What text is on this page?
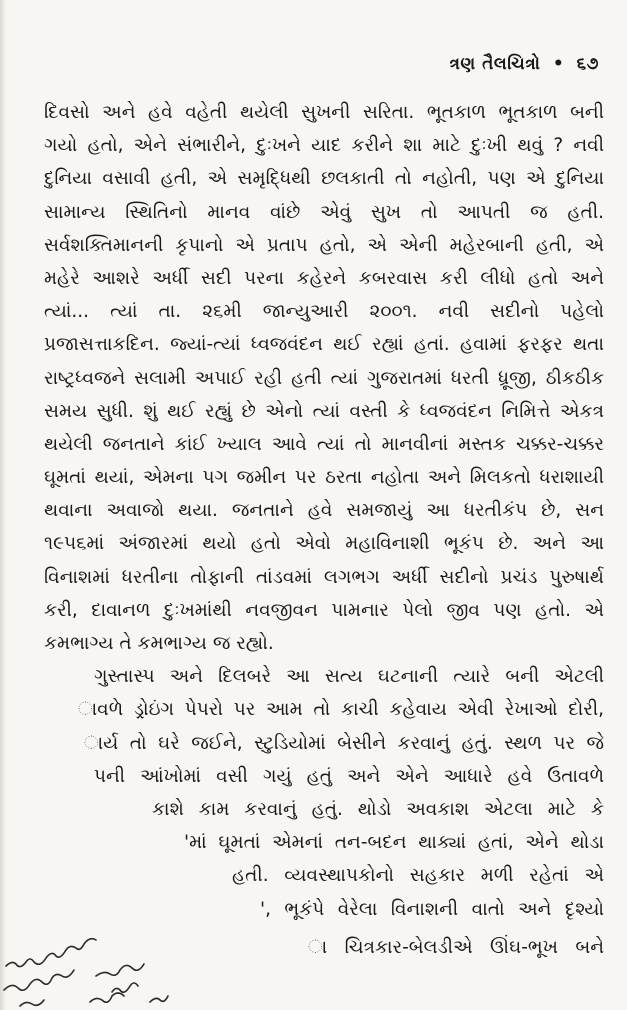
ત્રણ તૈલચિત્રો • ૬૭
દિવસો અને હવે વહેતી થયેલી સુખની સરિતા. ભૂતકાળ ભૂતકાળ બની
ગયો હતો, એને સંભારીને, દુઃખને યાદ કરીને શા માટે દુઃખી થવું ? નવી
દુનિયા વસાવી હતી, એ સમૃદ્ધિથી છલકાતી તો નહોતી, પણ એ દુનિયા
સામાન્ય સ્થિતિનો માનવ વાંછે એવું સુખ તો આપતી જ હતી.
સર્વશક્તિમાનની કૃપાનો એ પ્રતાપ હતો, એ એની મહેરબાની હતી, એ
મહેરે આશરે અર્ધી સદી પરના કહેરને કબરવાસ કરી લીધો હતો અને
ત્યાં... ત્યાં તા. ૨૬મી જાન્યુઆરી ૨૦૦૧. નવી સદીનો પહેલો
પ્રજાસત્તાકદિન. જ્યાં-ત્યાં ધ્વજવંદન થઈ રહ્યાં હતાં. હવામાં ફરફર થતા
રાષ્ટ્રધ્વજને સલામી અપાઈ રહી હતી ત્યાં ગુજરાતમાં ધરતી ધ્રૂજી, ઠીકઠીક
સમય સુધી. શું થઈ રહ્યું છે એનો ત્યાં વસ્તી કે ધ્વજવંદન નિમિત્તે એકત્ર
થયેલી જનતાને કાંઈ ખ્યાલ આવે ત્યાં તો માનવીનાં મસ્તક ચક્કર-ચક્કર
ઘૂમતાં થયાં, એમના પગ જમીન પર ઠરતા નહોતા અને મિલકતો ધરાશાયી
થવાના અવાજો થયા. જનતાને હવે સમજાયું આ ધરતીકંપ છે, સન
૧૯૫૬માં અંજારમાં થયો હતો એવો મહાવિનાશી ભૂકંપ છે. અને આ
વિનાશમાં ધરતીના તોફાની તાંડવમાં લગભગ અર્ધી સદીનો પ્રચંડ પુરુષાર્થ
કરી, દાવાનળ દુઃખમાંથી નવજીવન પામનાર પેલો જીવ પણ હતો. એ
કમભાગ્ય તે કમભાગ્ય જ રહ્યો.
ગુસ્તાસ્પ અને દિલબરે આ સત્ય ઘટનાની ત્યારે બની એટલી
ાવળે ડ્રોઇંગ પેપરો પર આમ તો કાચી કહેવાય એવી રેખાઓ દોરી,
ાર્ય તો ઘરે જઈને, સ્ટુડિયોમાં બેસીને કરવાનું હતું. સ્થળ પર જે
પની આંખોમાં વસી ગયું હતું અને એને આધારે હવે ઉતાવળે
કાશે કામ કરવાનું હતું. થોડો અવકાશ એટલા માટે કે
'માં ઘૂમતાં એમનાં તન-બદન થાક્યાં હતાં, એને થોડા
હતી. વ્યવસ્થાપકોનો સહકાર મળી રહેતાં એ
', ભૂકંપે વેરેલા વિનાશની વાતો અને દૃશ્યો
ા ચિત્રકાર-બેલડીએ ઊંઘ-ભૂખ બને
